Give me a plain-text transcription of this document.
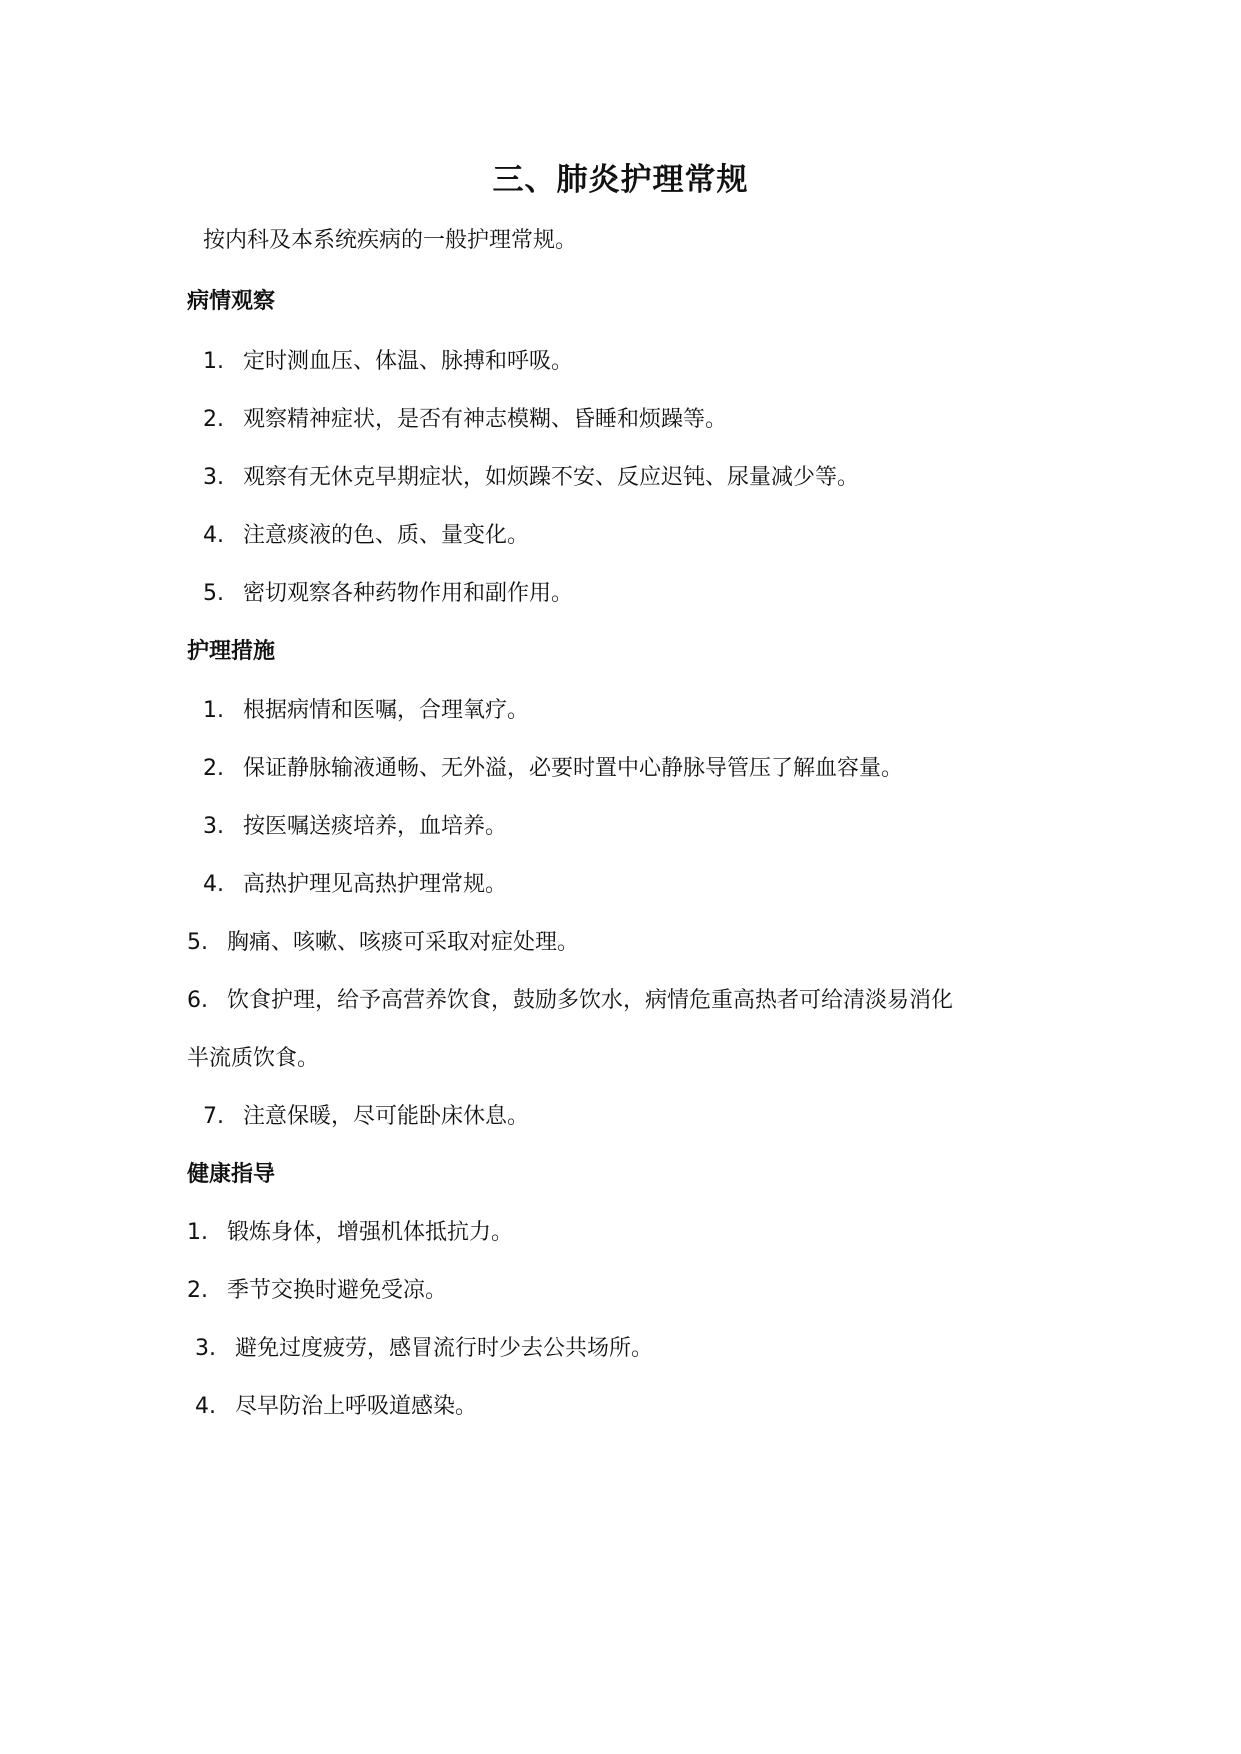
三、肺炎护理常规
按内科及本系统疾病的一般护理常规。
病情观察
1. 定时测血压、体温、脉搏和呼吸。
2. 观察精神症状，是否有神志模糊、昏睡和烦躁等。
3. 观察有无休克早期症状，如烦躁不安、反应迟钝、尿量减少等。
4. 注意痰液的色、质、量变化。
5. 密切观察各种药物作用和副作用。
护理措施
1. 根据病情和医嘱，合理氧疗。
2. 保证静脉输液通畅、无外溢，必要时置中心静脉导管压了解血容量。
3. 按医嘱送痰培养，血培养。
4. 高热护理见高热护理常规。
5. 胸痛、咳嗽、咳痰可采取对症处理。
6. 饮食护理，给予高营养饮食，鼓励多饮水，病情危重高热者可给清淡易消化
半流质饮食。
7. 注意保暖，尽可能卧床休息。
健康指导
1. 锻炼身体，增强机体抵抗力。
2. 季节交换时避免受凉。
3. 避免过度疲劳，感冒流行时少去公共场所。
4. 尽早防治上呼吸道感染。
